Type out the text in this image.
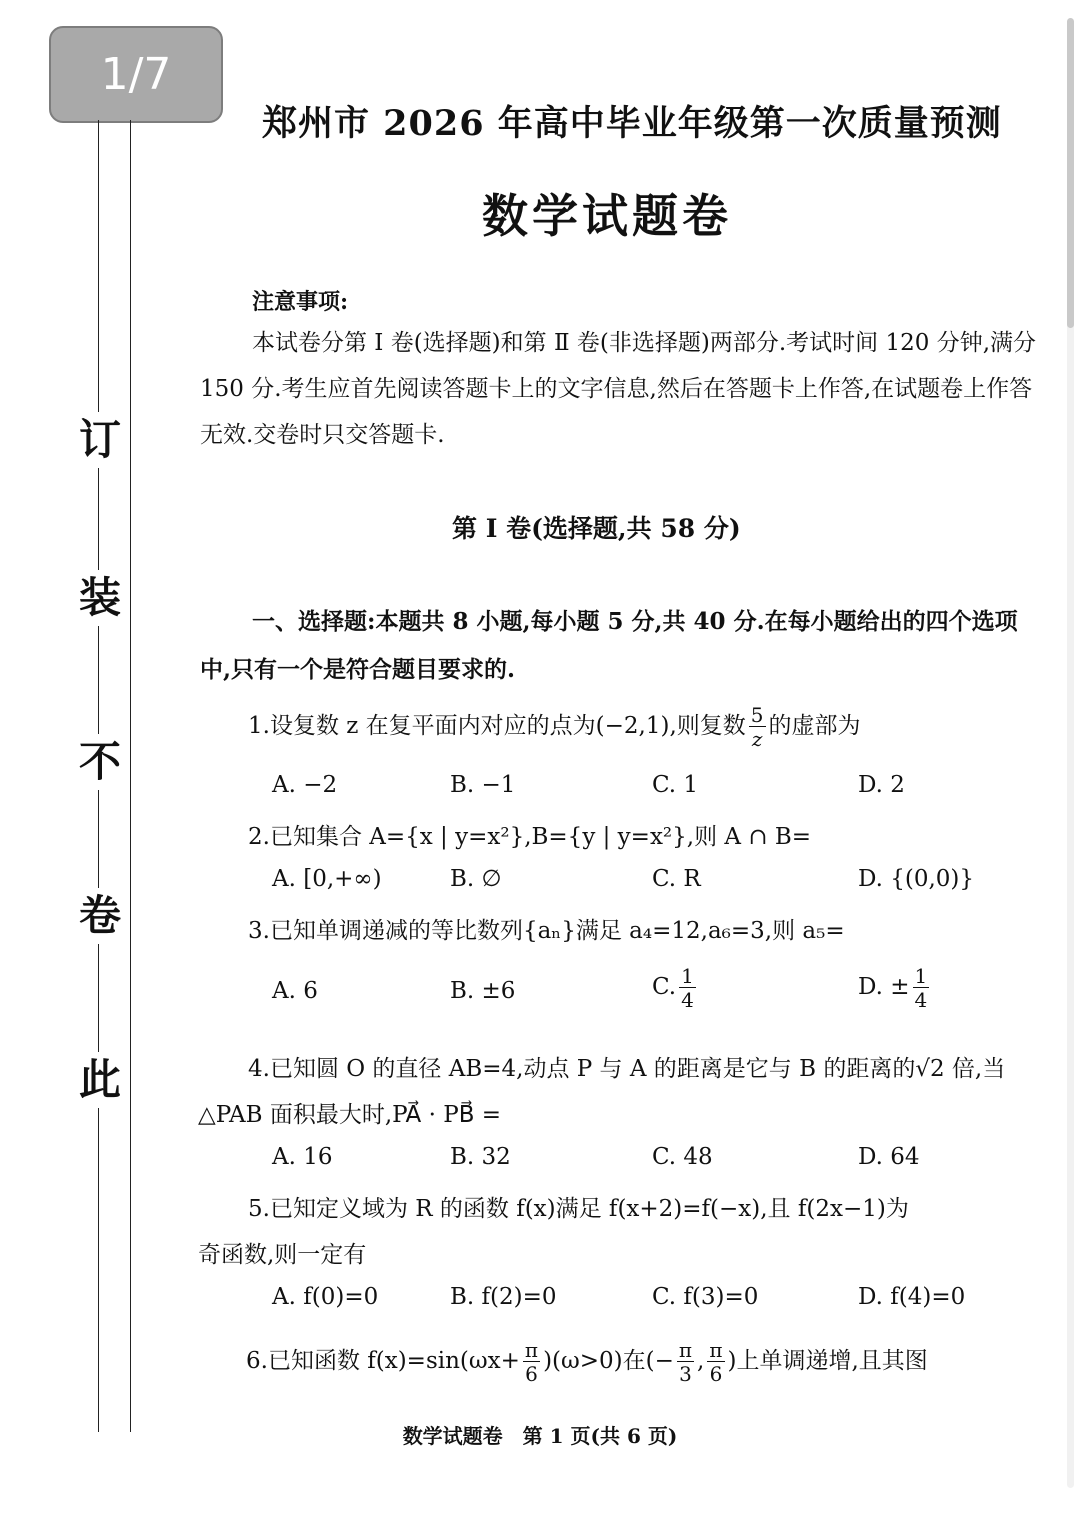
1/7
订
装
不
卷
此
郑州市 2026 年高中毕业年级第一次质量预测
数学试题卷
注意事项:
本试卷分第 Ⅰ 卷(选择题)和第 Ⅱ 卷(非选择题)两部分.考试时间 120 分钟,满分 150 分.考生应首先阅读答题卡上的文字信息,然后在答题卡上作答,在试题卷上作答无效.交卷时只交答题卡.
第 Ⅰ 卷(选择题,共 58 分)
一、选择题:本题共 8 小题,每小题 5 分,共 40 分.在每小题给出的四个选项中,只有一个是符合题目要求的.
1.设复数 z 在复平面内对应的点为(−2,1),则复数 $\frac{5}{z}$ 的虚部为
A. −2	B. −1	C. 1	D. 2
2.已知集合 A={x | y=x²},B={y | y=x²},则 A ∩ B=
A. [0,+∞)	B. ∅	C. R	D. {(0,0)}
3.已知单调递减的等比数列{aₙ}满足 a₄=12,a₆=3,则 a₅=
A. 6	B. ±6	C. $\frac{1}{4}$	D. ± $\frac{1}{4}$
4.已知圆 O 的直径 AB=4,动点 P 与 A 的距离是它与 B 的距离的√2 倍,当
△PAB 面积最大时,PA⃗ · PB⃗ =
A. 16	B. 32	C. 48	D. 64
5.已知定义域为 R 的函数 f(x)满足 f(x+2)=f(−x),且 f(2x−1)为
奇函数,则一定有
A. f(0)=0	B. f(2)=0	C. f(3)=0	D. f(4)=0
6.已知函数 $f(x)=\sin(\omega x+ \frac{\pi}{6} )(\omega>0)$在(− $\frac{\pi}{3}$ , $\frac{\pi}{6}$ )上单调递增,且其图
数学试题卷　第 1 页(共 6 页)
